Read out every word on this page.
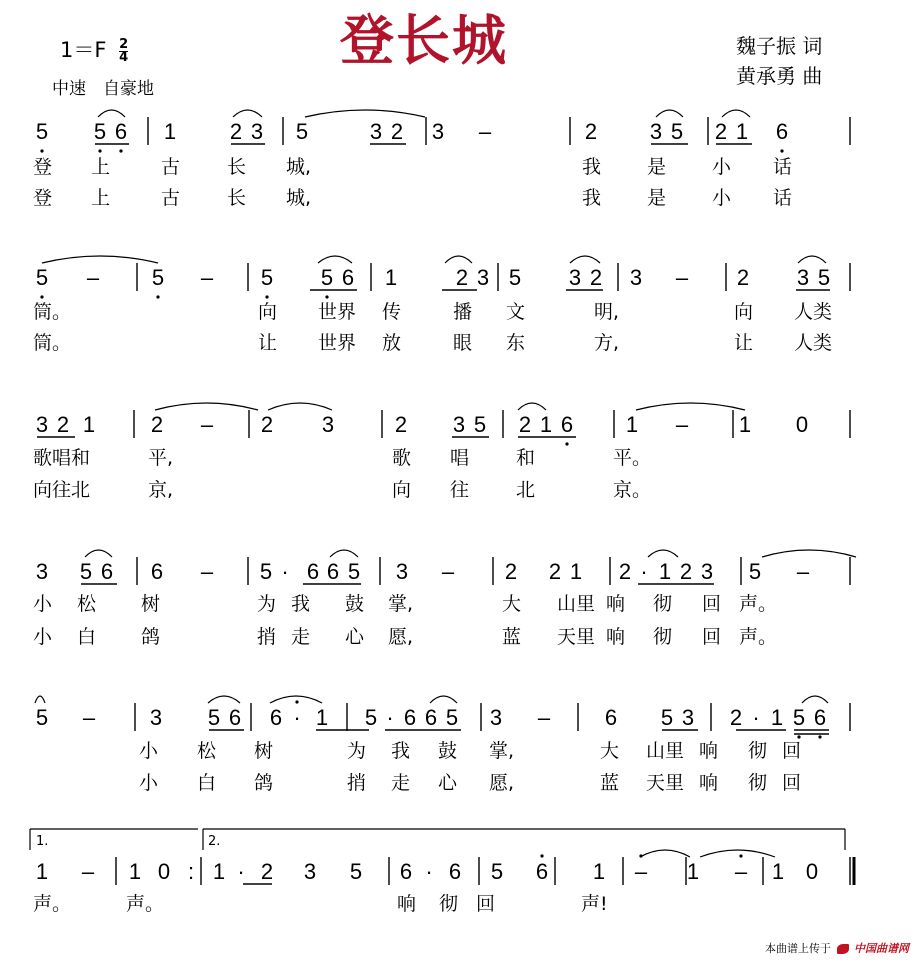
登长城
$1=F \frac{2}{4}$
中速　自豪地
魏子振 词
黄承勇 曲
5 5 6 1 2 3 5	3 2 3 –	2 3 5 2 1 6
5 – 5 – 5 5 6 1	2 3 5 3 2 3 – 2 3 5
3 2 1	2 – 2 3	2 3 5 2 1 6 1 – 1 0
3 5 6 6 – 5 · 6 6 5 3 – 2 2 1 2 · 1 2 3 5 –
5 – 3 5 6 6 · 1 5 · 6 6 5 3 – 6 5 3 2 · 1 5 6
1 – 1 0 : 1 · 2 3 5 6 · 6 5 6 1 – 1 – 1 0
1.	2.
登 上	古 长 城,	我 是 小 话
登 上	古 长 城,	我 是 小 话
筒。	向 世界 传	播 文	明,	向 人类
筒。	让 世界 放	眼 东	方,	让 人类
歌唱和	平,	歌 唱 和	平。
向往北	京,	向 往 北	京。
小 松 树	为 我 鼓 掌,	大 山里 响 彻 回 声。
小 白 鸽	捎 走 心 愿,	蓝 天里 响 彻 回 声。
小 松 树	为 我 鼓 掌,	大 山里 响 彻 回
小 白 鸽	捎 走 心 愿,	蓝 天里 响 彻 回
声。	声。	响 彻 回	声!
本曲谱上传于 中国曲谱网
